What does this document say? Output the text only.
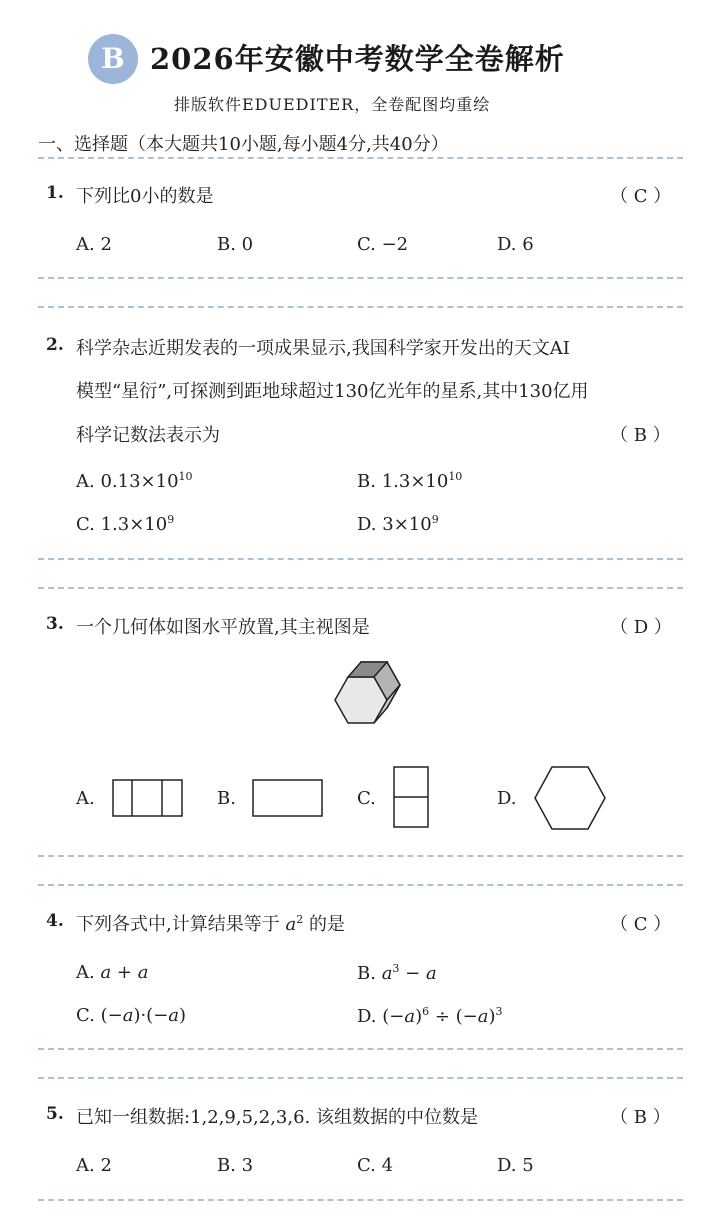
B 2026年安徽中考数学全卷解析
排版软件EDUEDITER，全卷配图均重绘
一、选择题（本大题共10小题,每小题4分,共40分）
1. 下列比0小的数是	（ C ）
A. 2	B. 0	C. −2	D. 6
2. 科学杂志近期发表的一项成果显示,我国科学家开发出的天文AI
模型“星衍”,可探测到距地球超过130亿光年的星系,其中130亿用
科学记数法表示为	（ B ）
A. $0.13\times 10^{10}$	B. $1.3\times 10^{10}$
C. $1.3\times 10^9$	D. $3\times 10^9$
3. 一个几何体如图水平放置,其主视图是	（ D ）
A.	B.	C.	D.
4. 下列各式中,计算结果等于 $a^2$ 的是	（ C ）
A. a + a	B. $a^3 - a$
C. (−a)·(−a)	D. $(-a)^6 \div (-a)^3$
5. 已知一组数据:1,2,9,5,2,3,6. 该组数据的中位数是	（ B ）
A. 2	B. 3	C. 4	D. 5
